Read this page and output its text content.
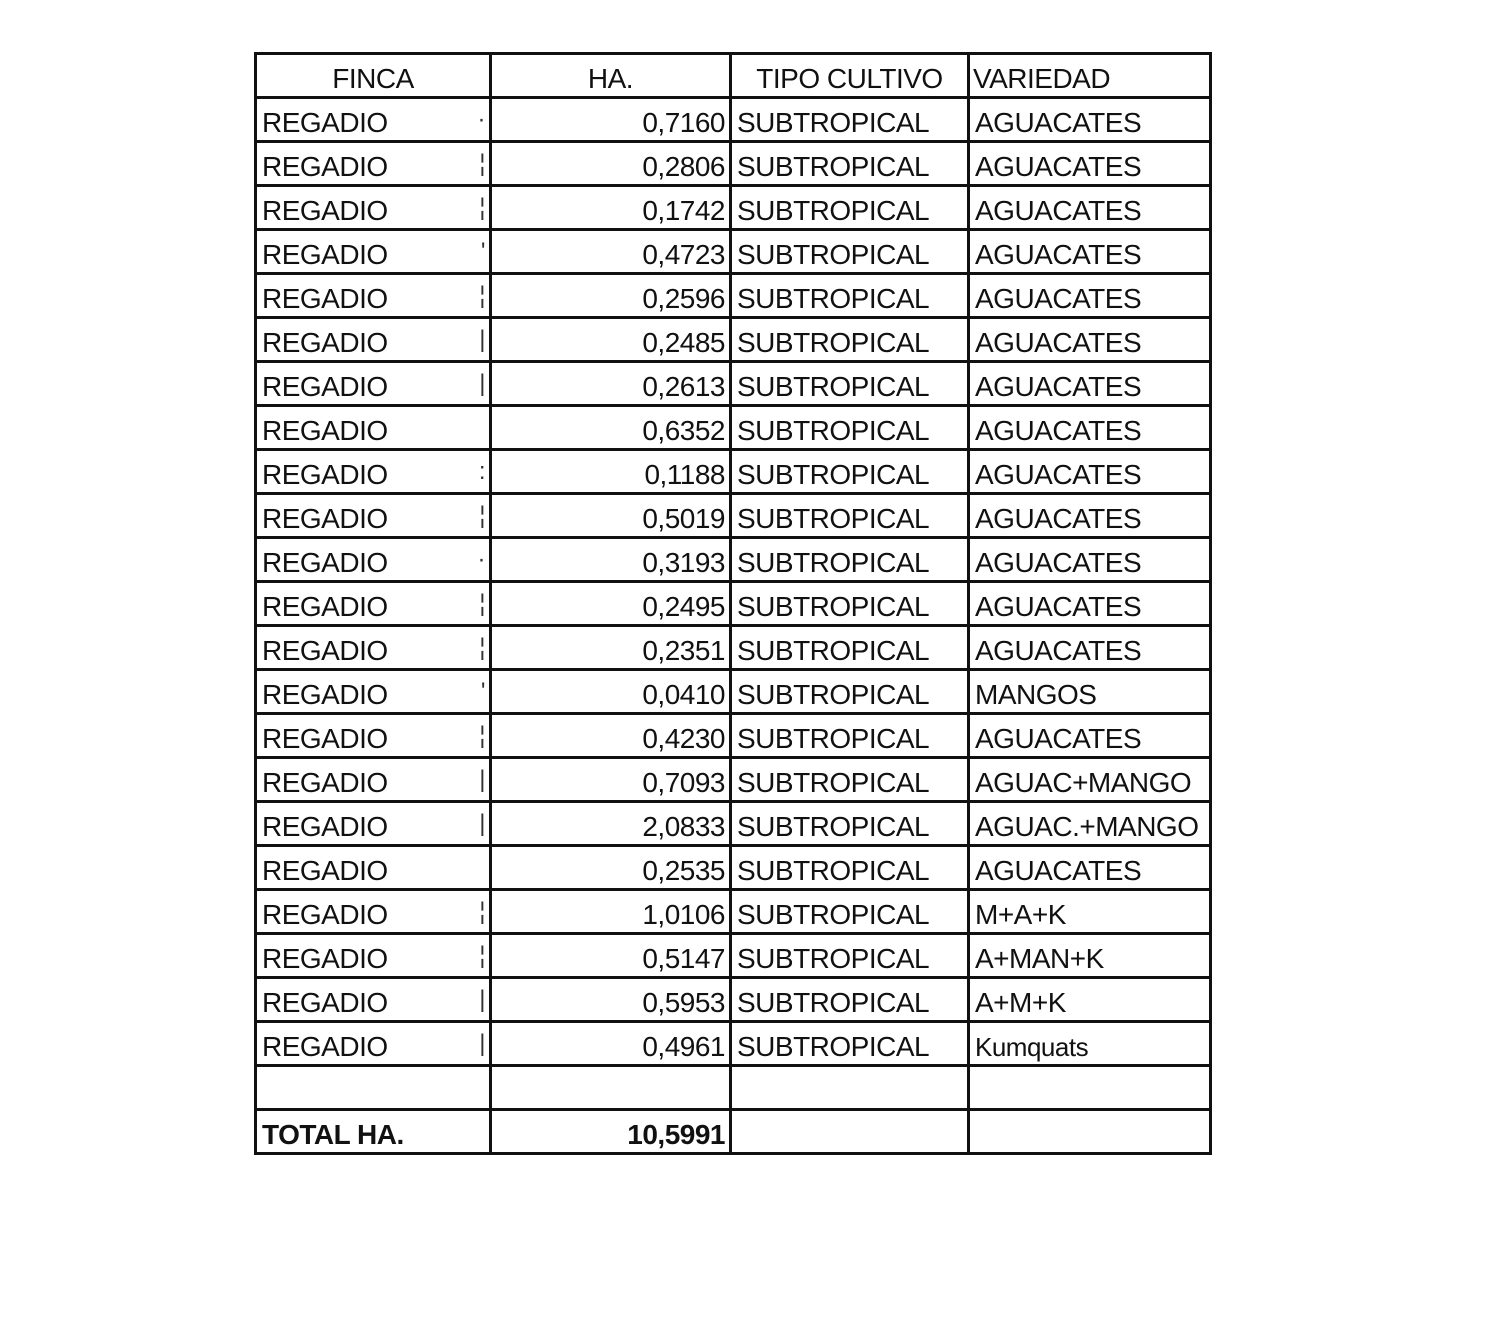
FINCA	HA.	TIPO CULTIVO	VARIEDAD
REGADIO ·	0,7160	SUBTROPICAL	AGUACATES
REGADIO ¦	0,2806	SUBTROPICAL	AGUACATES
REGADIO ¦	0,1742	SUBTROPICAL	AGUACATES
REGADIO '	0,4723	SUBTROPICAL	AGUACATES
REGADIO ¦	0,2596	SUBTROPICAL	AGUACATES
REGADIO |	0,2485	SUBTROPICAL	AGUACATES
REGADIO |	0,2613	SUBTROPICAL	AGUACATES
REGADIO	0,6352	SUBTROPICAL	AGUACATES
REGADIO :	0,1188	SUBTROPICAL	AGUACATES
REGADIO ¦	0,5019	SUBTROPICAL	AGUACATES
REGADIO ·	0,3193	SUBTROPICAL	AGUACATES
REGADIO ¦	0,2495	SUBTROPICAL	AGUACATES
REGADIO ¦	0,2351	SUBTROPICAL	AGUACATES
REGADIO '	0,0410	SUBTROPICAL	MANGOS
REGADIO ¦	0,4230	SUBTROPICAL	AGUACATES
REGADIO |	0,7093	SUBTROPICAL	AGUAC+MANGO
REGADIO |	2,0833	SUBTROPICAL	AGUAC.+MANGO
REGADIO	0,2535	SUBTROPICAL	AGUACATES
REGADIO ¦	1,0106	SUBTROPICAL	M+A+K
REGADIO ¦	0,5147	SUBTROPICAL	A+MAN+K
REGADIO |	0,5953	SUBTROPICAL	A+M+K
REGADIO |	0,4961	SUBTROPICAL	Kumquats

TOTAL HA.	10,5991		
